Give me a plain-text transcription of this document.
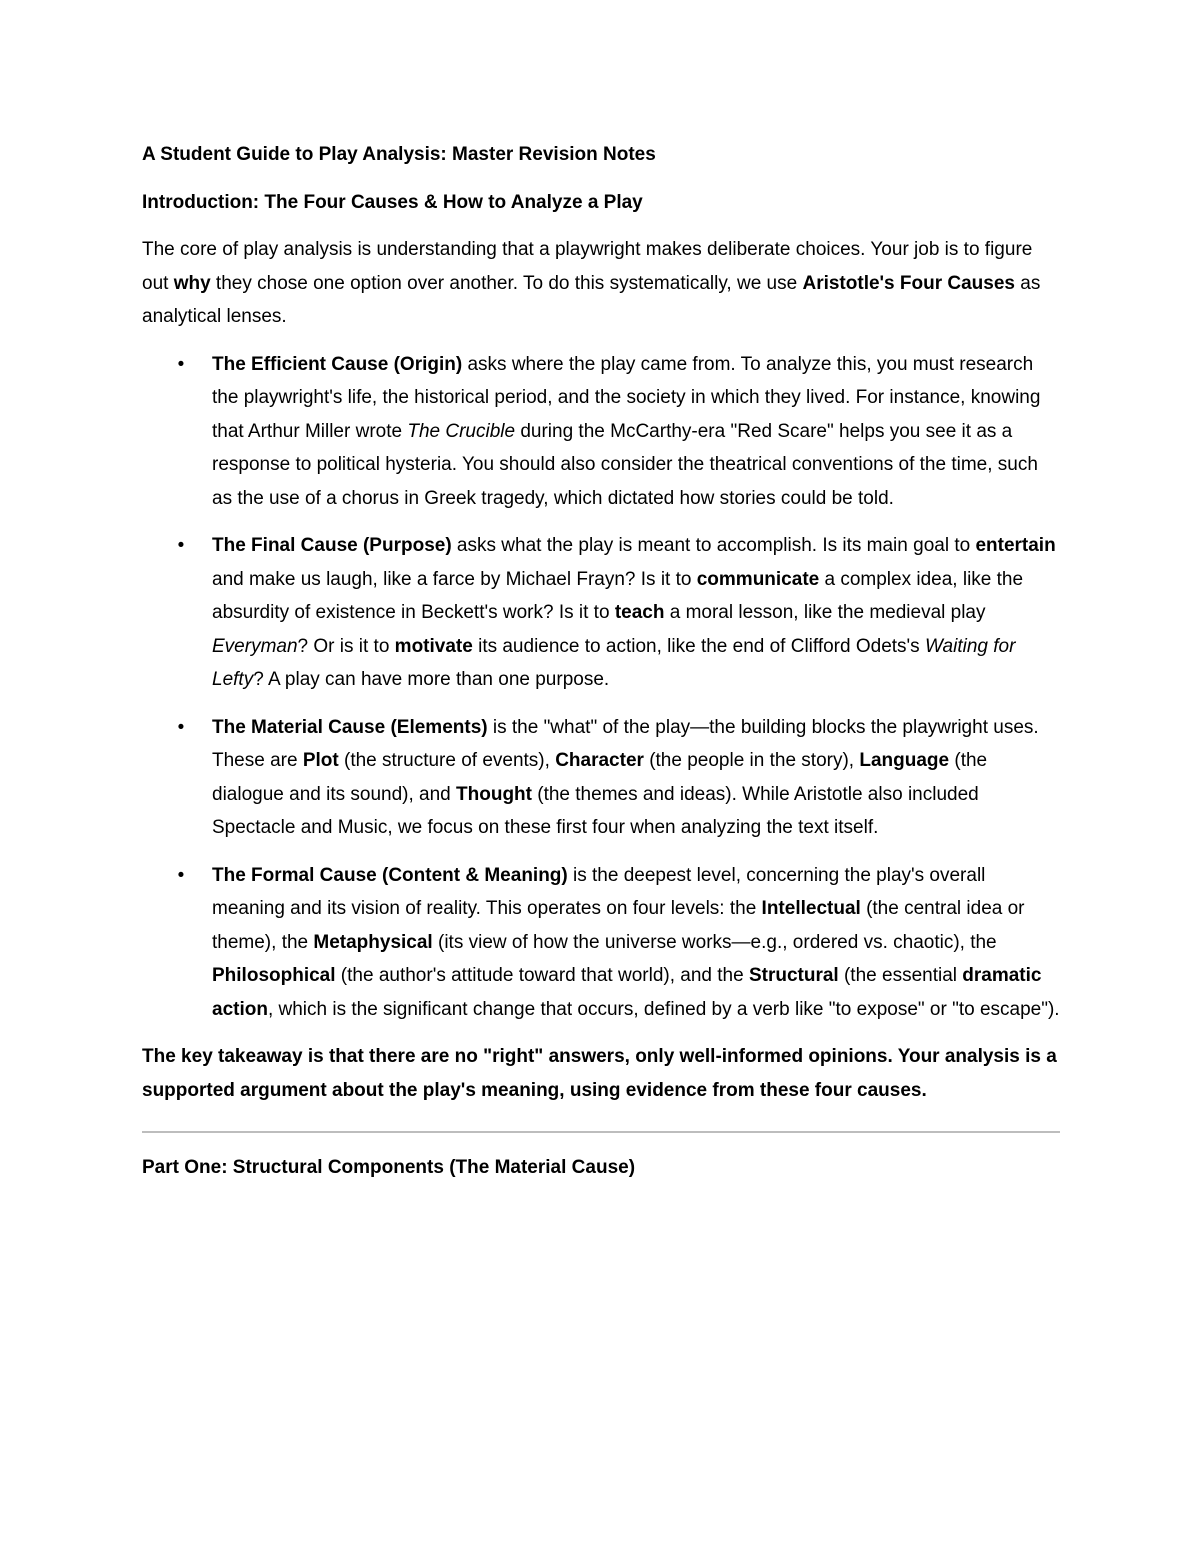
A Student Guide to Play Analysis: Master Revision Notes

Introduction: The Four Causes & How to Analyze a Play

The core of play analysis is understanding that a playwright makes deliberate choices. Your job is to figure out why they chose one option over another. To do this systematically, we use Aristotle's Four Causes as analytical lenses.

• The Efficient Cause (Origin) asks where the play came from. To analyze this, you must research the playwright's life, the historical period, and the society in which they lived. For instance, knowing that Arthur Miller wrote The Crucible during the McCarthy-era "Red Scare" helps you see it as a response to political hysteria. You should also consider the theatrical conventions of the time, such as the use of a chorus in Greek tragedy, which dictated how stories could be told.
• The Final Cause (Purpose) asks what the play is meant to accomplish. Is its main goal to entertain and make us laugh, like a farce by Michael Frayn? Is it to communicate a complex idea, like the absurdity of existence in Beckett's work? Is it to teach a moral lesson, like the medieval play Everyman? Or is it to motivate its audience to action, like the end of Clifford Odets's Waiting for Lefty? A play can have more than one purpose.
• The Material Cause (Elements) is the "what" of the play—the building blocks the playwright uses. These are Plot (the structure of events), Character (the people in the story), Language (the dialogue and its sound), and Thought (the themes and ideas). While Aristotle also included Spectacle and Music, we focus on these first four when analyzing the text itself.
• The Formal Cause (Content & Meaning) is the deepest level, concerning the play's overall meaning and its vision of reality. This operates on four levels: the Intellectual (the central idea or theme), the Metaphysical (its view of how the universe works—e.g., ordered vs. chaotic), the Philosophical (the author's attitude toward that world), and the Structural (the essential dramatic action, which is the significant change that occurs, defined by a verb like "to expose" or "to escape").

The key takeaway is that there are no "right" answers, only well-informed opinions. Your analysis is a supported argument about the play's meaning, using evidence from these four causes.

Part One: Structural Components (The Material Cause)
